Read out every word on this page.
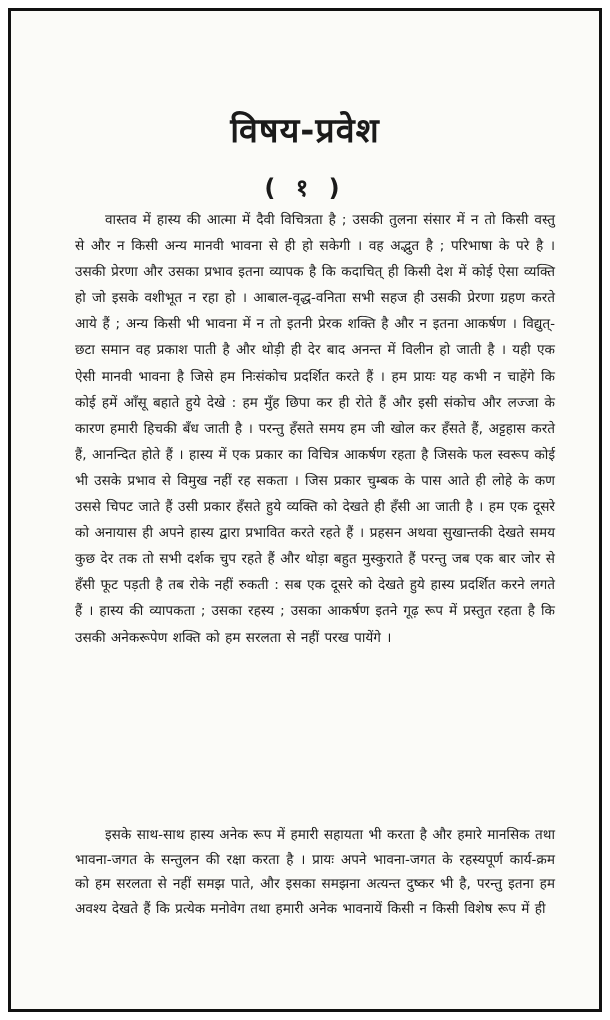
विषय-प्रवेश
( १ )
वास्तव में हास्य की आत्मा में दैवी विचित्रता है ; उसकी तुलना संसार में न तो किसी वस्तु से और न किसी अन्य मानवी भावना से ही हो सकेगी । वह अद्भुत है ; परिभाषा के परे है । उसकी प्रेरणा और उसका प्रभाव इतना व्यापक है कि कदाचित् ही किसी देश में कोई ऐसा व्यक्ति हो जो इसके वशीभूत न रहा हो । आबाल-वृद्ध-वनिता सभी सहज ही उसकी प्रेरणा ग्रहण करते आये हैं ; अन्य किसी भी भावना में न तो इतनी प्रेरक शक्ति है और न इतना आकर्षण । विद्युत्-छटा समान वह प्रकाश पाती है और थोड़ी ही देर बाद अनन्त में विलीन हो जाती है । यही एक ऐसी मानवी भावना है जिसे हम निःसंकोच प्रदर्शित करते हैं । हम प्रायः यह कभी न चाहेंगे कि कोई हमें आँसू बहाते हुये देखे : हम मुँह छिपा कर ही रोते हैं और इसी संकोच और लज्जा के कारण हमारी हिचकी बँध जाती है । परन्तु हँसते समय हम जी खोल कर हँसते हैं, अट्टहास करते हैं, आनन्दित होते हैं । हास्य में एक प्रकार का विचित्र आकर्षण रहता है जिसके फल स्वरूप कोई भी उसके प्रभाव से विमुख नहीं रह सकता । जिस प्रकार चुम्बक के पास आते ही लोहे के कण उससे चिपट जाते हैं उसी प्रकार हँसते हुये व्यक्ति को देखते ही हँसी आ जाती है । हम एक दूसरे को अनायास ही अपने हास्य द्वारा प्रभावित करते रहते हैं । प्रहसन अथवा सुखान्तकी देखते समय कुछ देर तक तो सभी दर्शक चुप रहते हैं और थोड़ा बहुत मुस्कुराते हैं परन्तु जब एक बार जोर से हँसी फूट पड़ती है तब रोके नहीं रुकती : सब एक दूसरे को देखते हुये हास्य प्रदर्शित करने लगते हैं । हास्य की व्यापकता ; उसका रहस्य ; उसका आकर्षण इतने गूढ़ रूप में प्रस्तुत रहता है कि उसकी अनेकरूपेण शक्ति को हम सरलता से नहीं परख पायेंगे ।
इसके साथ-साथ हास्य अनेक रूप में हमारी सहायता भी करता है और हमारे मानसिक तथा भावना-जगत के सन्तुलन की रक्षा करता है । प्रायः अपने भावना-जगत के रहस्यपूर्ण कार्य-क्रम को हम सरलता से नहीं समझ पाते, और इसका समझना अत्यन्त दुष्कर भी है, परन्तु इतना हम अवश्य देखते हैं कि प्रत्येक मनोवेग तथा हमारी अनेक भावनायें किसी न किसी विशेष रूप में ही
